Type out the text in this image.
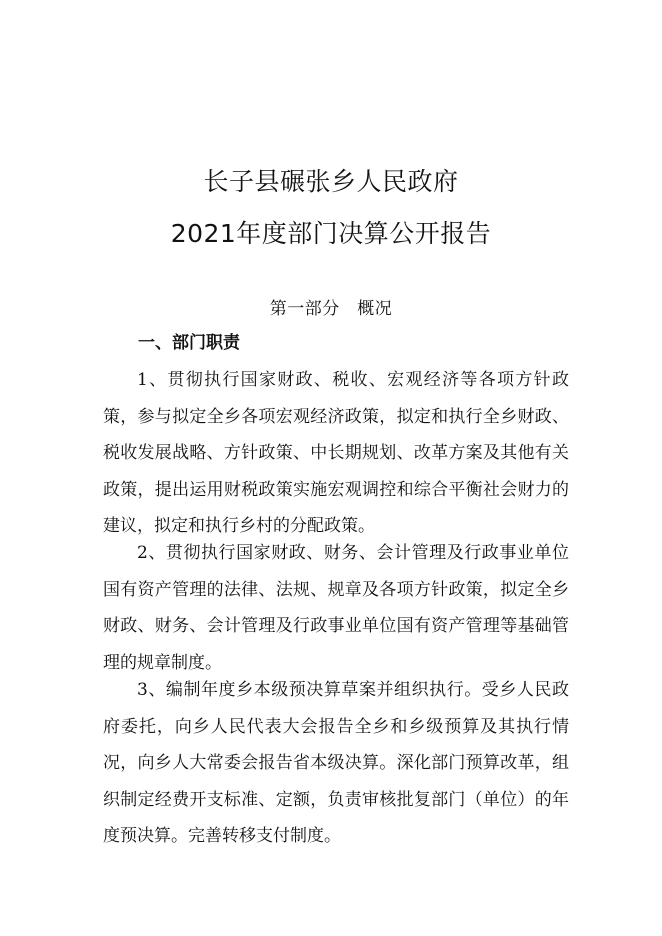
长子县碾张乡人民政府
2021年度部门决算公开报告
第一部分　概况
一、部门职责
1、贯彻执行国家财政、税收、宏观经济等各项方针政策，参与拟定全乡各项宏观经济政策，拟定和执行全乡财政、税收发展战略、方针政策、中长期规划、改革方案及其他有关政策，提出运用财税政策实施宏观调控和综合平衡社会财力的建议，拟定和执行乡村的分配政策。
2、贯彻执行国家财政、财务、会计管理及行政事业单位国有资产管理的法律、法规、规章及各项方针政策，拟定全乡财政、财务、会计管理及行政事业单位国有资产管理等基础管理的规章制度。
3、编制年度乡本级预决算草案并组织执行。受乡人民政府委托，向乡人民代表大会报告全乡和乡级预算及其执行情况，向乡人大常委会报告省本级决算。深化部门预算改革，组织制定经费开支标准、定额，负责审核批复部门（单位）的年度预决算。完善转移支付制度。
